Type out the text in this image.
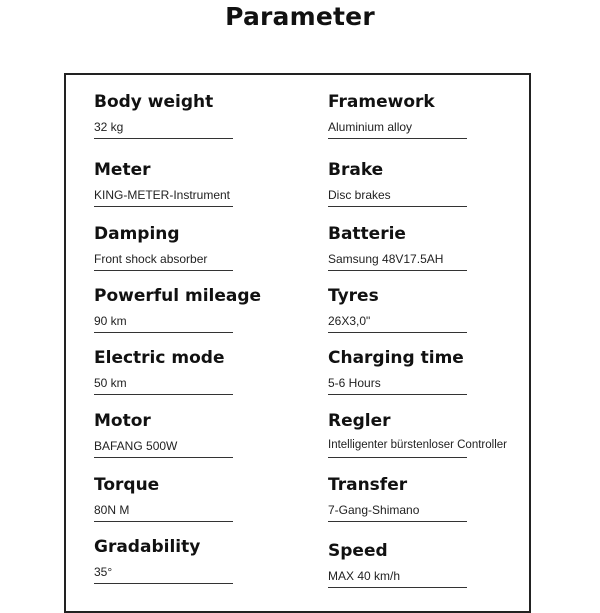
Parameter
Body weight
32 kg
Meter
KING-METER-Instrument
Damping
Front shock absorber
Powerful mileage
90 km
Electric mode
50 km
Motor
BAFANG 500W
Torque
80N M
Gradability
35°
Framework
Aluminium alloy
Brake
Disc brakes
Batterie
Samsung 48V17.5AH
Tyres
26X3,0"
Charging time
5-6 Hours
Regler
Intelligenter bürstenloser Controller
Transfer
7-Gang-Shimano
Speed
MAX 40 km/h
